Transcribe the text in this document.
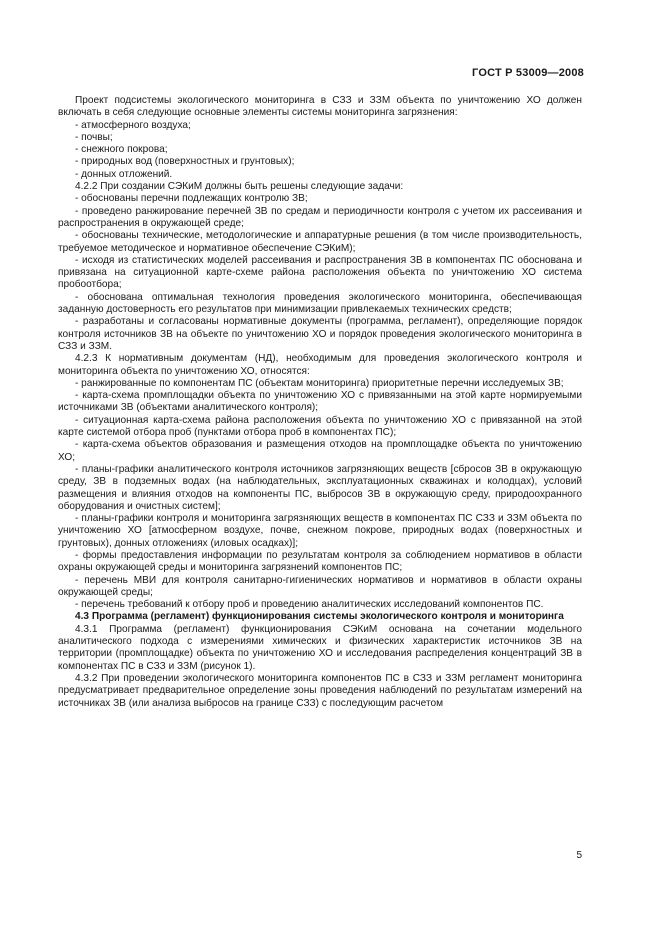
ГОСТ Р 53009—2008
Проект подсистемы экологического мониторинга в СЗЗ и ЗЗМ объекта по уничтожению ХО должен включать в себя следующие основные элементы системы мониторинга загрязнения:
- атмосферного воздуха;
- почвы;
- снежного покрова;
- природных вод (поверхностных и грунтовых);
- донных отложений.
4.2.2 При создании СЭКиМ должны быть решены следующие задачи:
- обоснованы перечни подлежащих контролю ЗВ;
- проведено ранжирование перечней ЗВ по средам и периодичности контроля с учетом их рассеивания и распространения в окружающей среде;
- обоснованы технические, методологические и аппаратурные решения (в том числе производительность, требуемое методическое и нормативное обеспечение СЭКиМ);
- исходя из статистических моделей рассеивания и распространения ЗВ в компонентах ПС обоснована и привязана на ситуационной карте-схеме района расположения объекта по уничтожению ХО система пробоотбора;
- обоснована оптимальная технология проведения экологического мониторинга, обеспечивающая заданную достоверность его результатов при минимизации привлекаемых технических средств;
- разработаны и согласованы нормативные документы (программа, регламент), определяющие порядок контроля источников ЗВ на объекте по уничтожению ХО и порядок проведения экологического мониторинга в СЗЗ и ЗЗМ.
4.2.3 К нормативным документам (НД), необходимым для проведения экологического контроля и мониторинга объекта по уничтожению ХО, относятся:
- ранжированные по компонентам ПС (объектам мониторинга) приоритетные перечни исследуемых ЗВ;
- карта-схема промплощадки объекта по уничтожению ХО с привязанными на этой карте нормируемыми источниками ЗВ (объектами аналитического контроля);
- ситуационная карта-схема района расположения объекта по уничтожению ХО с привязанной на этой карте системой отбора проб (пунктами отбора проб в компонентах ПС);
- карта-схема объектов образования и размещения отходов на промплощадке объекта по уничтожению ХО;
- планы-графики аналитического контроля источников загрязняющих веществ [сбросов ЗВ в окружающую среду, ЗВ в подземных водах (на наблюдательных, эксплуатационных скважинах и колодцах), условий размещения и влияния отходов на компоненты ПС, выбросов ЗВ в окружающую среду, природоохранного оборудования и очистных систем];
- планы-графики контроля и мониторинга загрязняющих веществ в компонентах ПС СЗЗ и ЗЗМ объекта по уничтожению ХО [атмосферном воздухе, почве, снежном покрове, природных водах (поверхностных и грунтовых), донных отложениях (иловых осадках)];
- формы предоставления информации по результатам контроля за соблюдением нормативов в области охраны окружающей среды и мониторинга загрязнений компонентов ПС;
- перечень МВИ для контроля санитарно-гигиенических нормативов и нормативов в области охраны окружающей среды;
- перечень требований к отбору проб и проведению аналитических исследований компонентов ПС.
4.3 Программа (регламент) функционирования системы экологического контроля и мониторинга
4.3.1 Программа (регламент) функционирования СЭКиМ основана на сочетании модельного аналитического подхода с измерениями химических и физических характеристик источников ЗВ на территории (промплощадке) объекта по уничтожению ХО и исследования распределения концентраций ЗВ в компонентах ПС в СЗЗ и ЗЗМ (рисунок 1).
4.3.2 При проведении экологического мониторинга компонентов ПС в СЗЗ и ЗЗМ регламент мониторинга предусматривает предварительное определение зоны проведения наблюдений по результатам измерений на источниках ЗВ (или анализа выбросов на границе СЗЗ) с последующим расчетом
5
